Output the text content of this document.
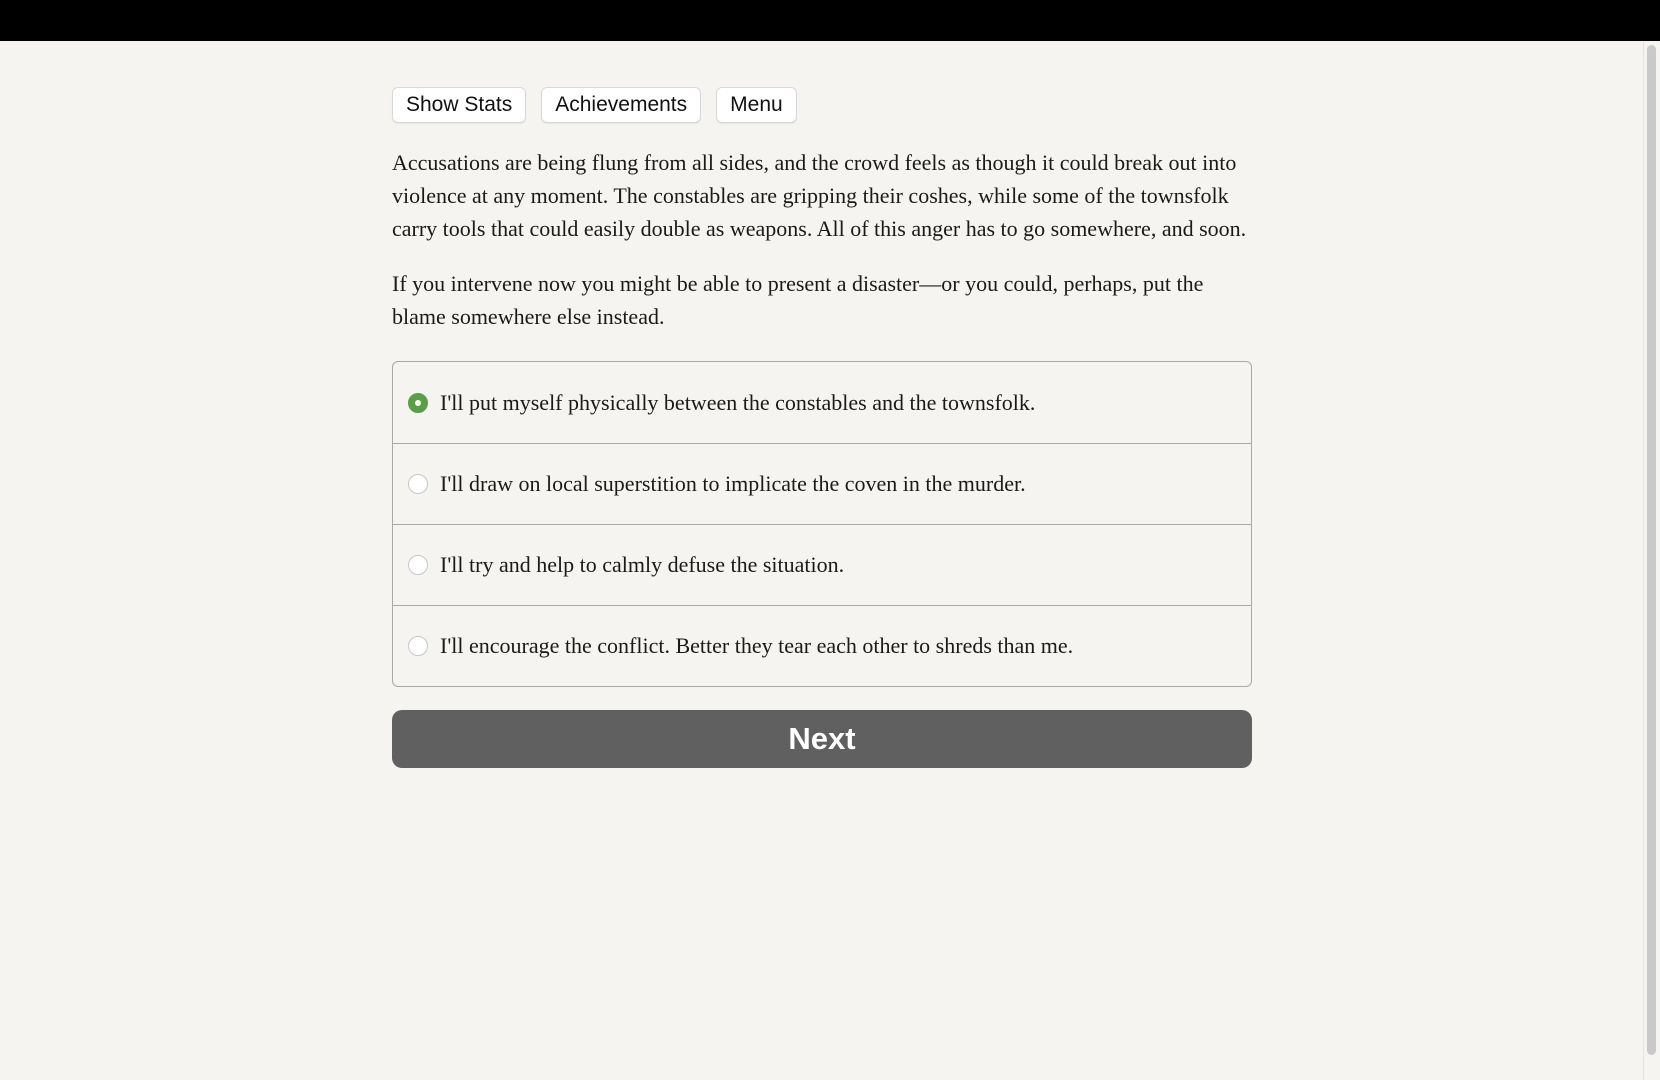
Show Stats	Achievements	Menu

Accusations are being flung from all sides, and the crowd feels as though it could break out into violence at any moment. The constables are gripping their coshes, while some of the townsfolk carry tools that could easily double as weapons. All of this anger has to go somewhere, and soon.

If you intervene now you might be able to present a disaster—or you could, perhaps, put the blame somewhere else instead.

I'll put myself physically between the constables and the townsfolk.
I'll draw on local superstition to implicate the coven in the murder.
I'll try and help to calmly defuse the situation.
I'll encourage the conflict. Better they tear each other to shreds than me.
Next
